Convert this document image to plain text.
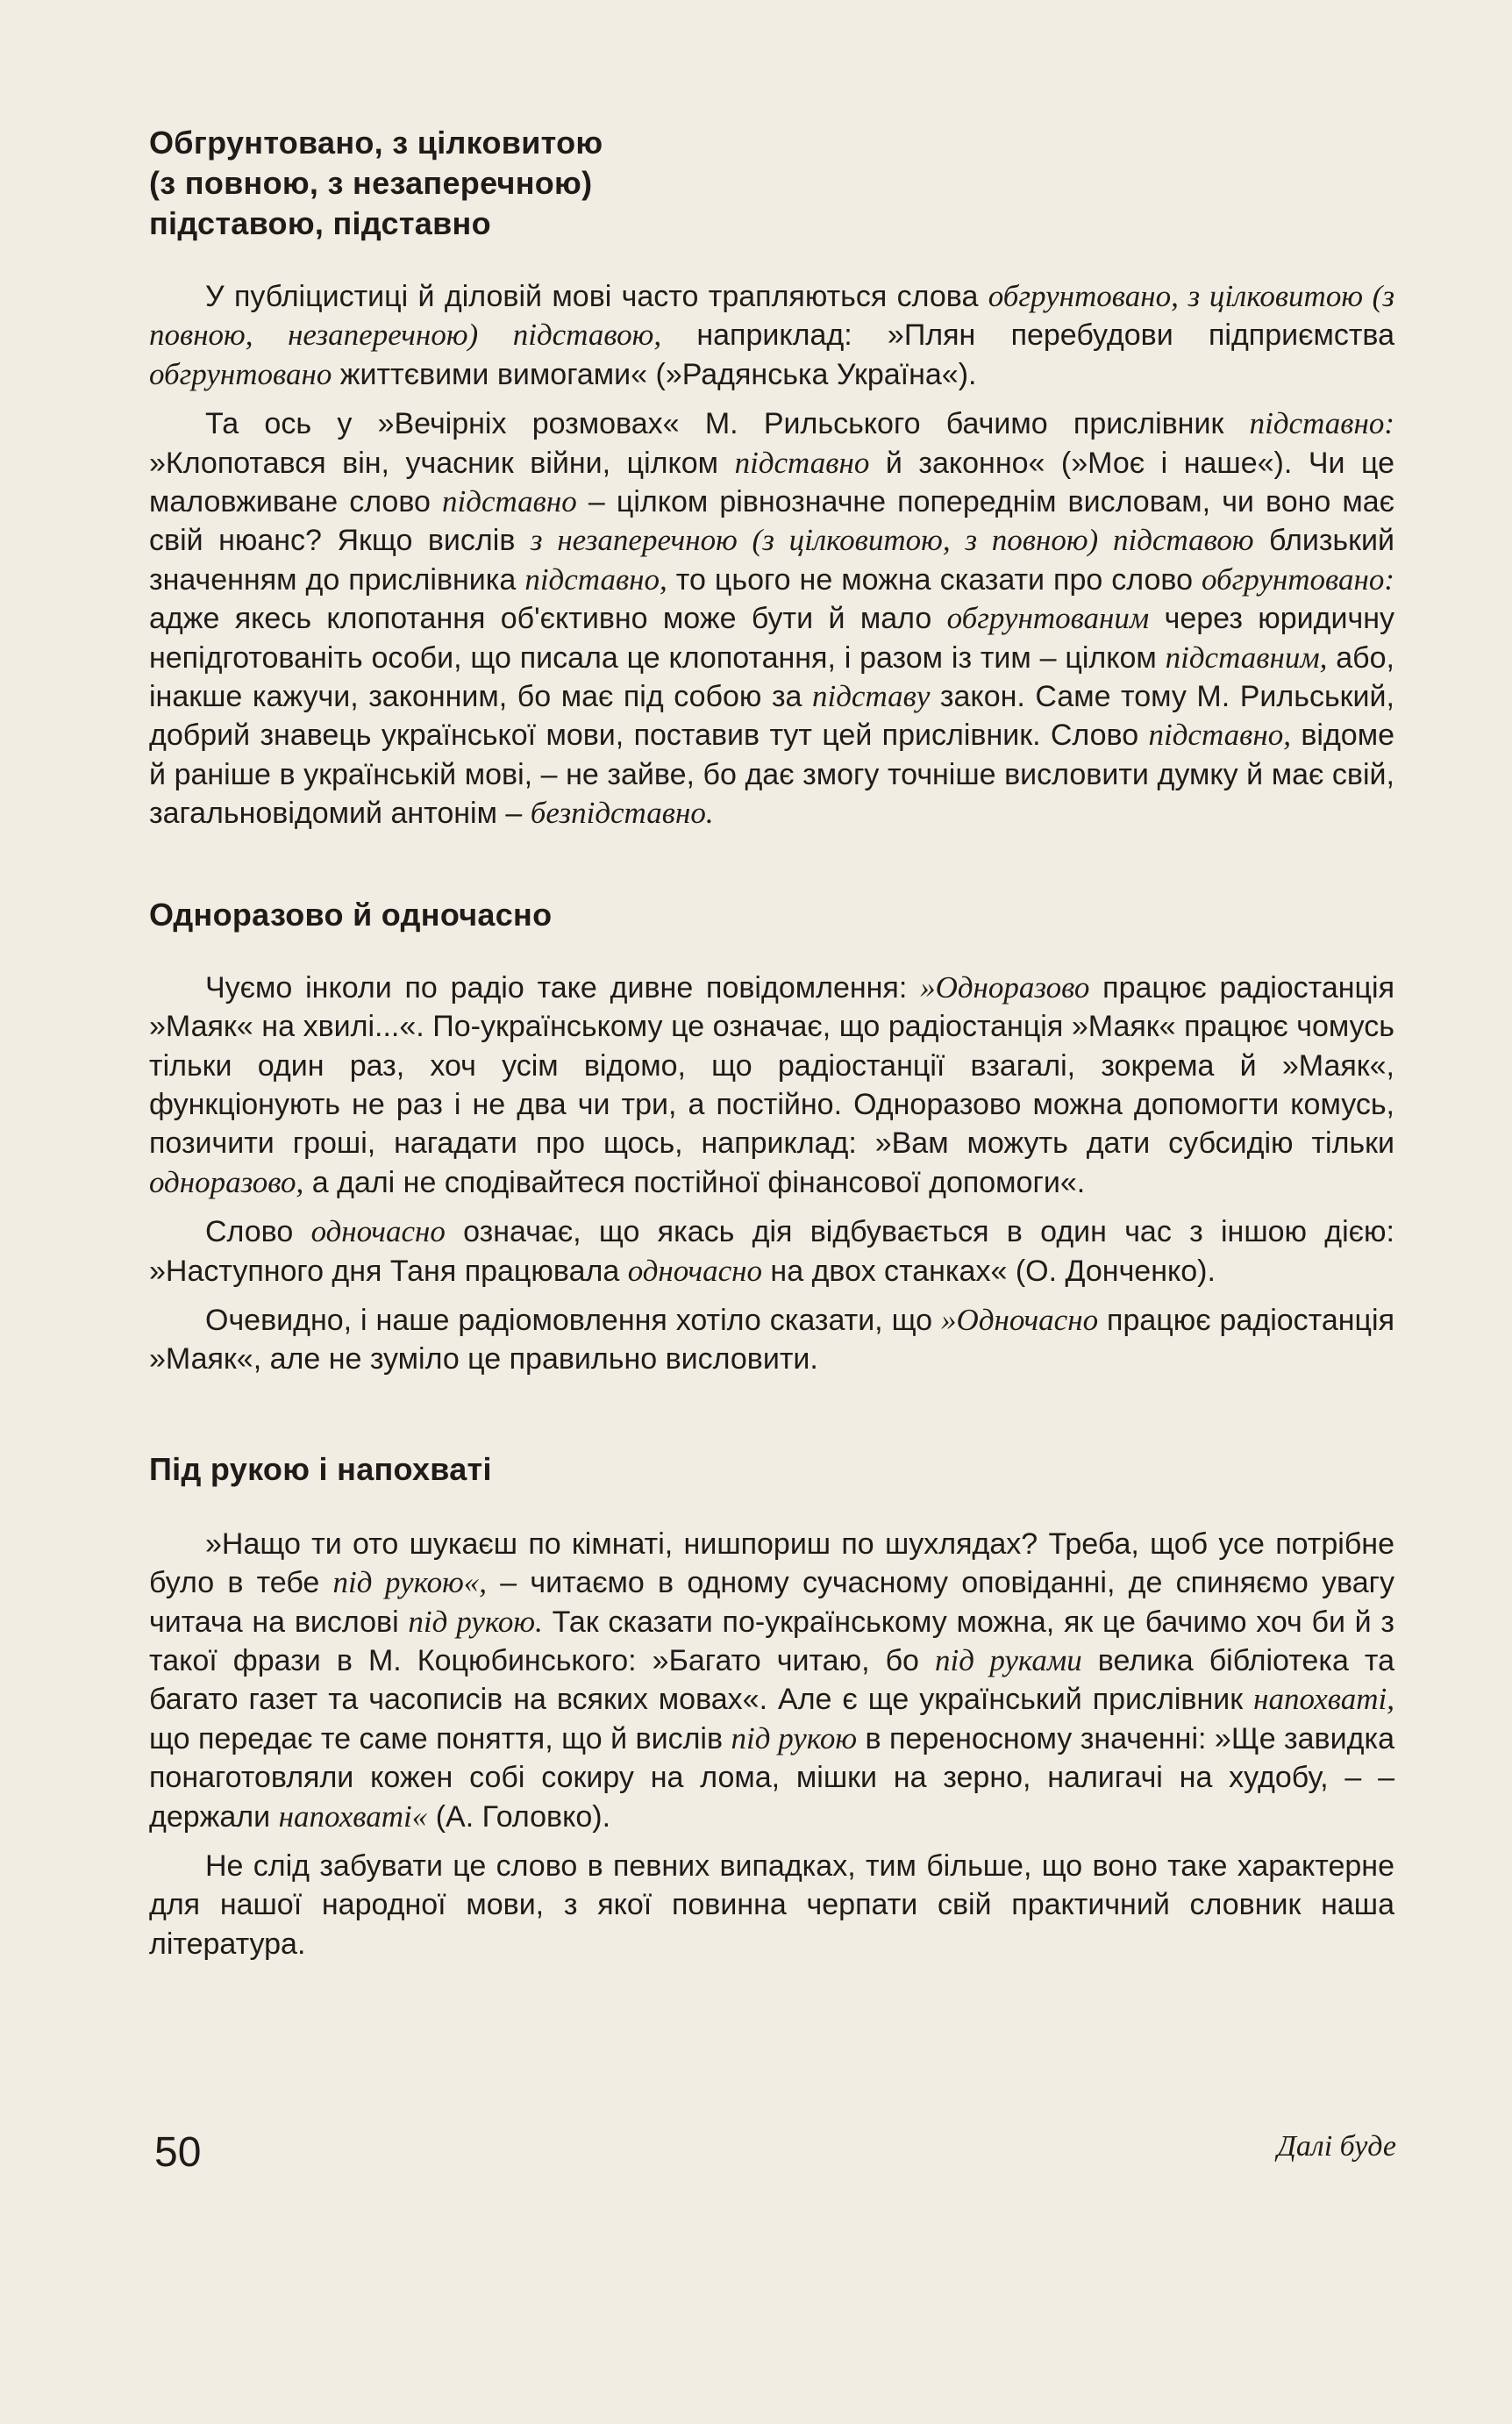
Обгрунтовано, з цілковитою
(з повною, з незаперечною)
підставою, підставно

У публіцистиці й діловій мові часто трапляються слова обгрунтовано, з цілковитою (з повною, незаперечною) підставою, наприклад: »Плян перебудови підприємства обгрунтовано життєвими вимогами« (»Радянська Україна«).

Та ось у »Вечірніх розмовах« М. Рильського бачимо прислівник підставно: »Клопотався він, учасник війни, цілком підставно й законно« (»Моє і наше«). Чи це маловживане слово підставно – цілком рівнозначне попереднім висловам, чи воно має свій нюанс? Якщо вислів з незаперечною (з цілковитою, з повною) підставою близький значенням до прислівника підставно, то цього не можна сказати про слово обгрунтовано: адже якесь клопотання об'єктивно може бути й мало обгрунтованим через юридичну непідготованіть особи, що писала це клопотання, і разом із тим – цілком підставним, або, інакше кажучи, законним, бо має під собою за підставу закон. Саме тому М. Рильський, добрий знавець української мови, поставив тут цей прислівник. Слово підставно, відоме й раніше в українській мові, – не зайве, бо дає змогу точніше висловити думку й має свій, загальновідомий антонім – безпідставно.

Одноразово й одночасно

Чуємо інколи по радіо таке дивне повідомлення: »Одноразово працює радіостанція »Маяк« на хвилі...«. По-українському це означає, що радіостанція »Маяк« працює чомусь тільки один раз, хоч усім відомо, що радіостанції взагалі, зокрема й »Маяк«, функціонують не раз і не два чи три, а постійно. Одноразово можна допомогти комусь, позичити гроші, нагадати про щось, наприклад: »Вам можуть дати субсидію тільки одноразово, а далі не сподівайтеся постійної фінансової допомоги«.

Слово одночасно означає, що якась дія відбувається в один час з іншою дією: »Наступного дня Таня працювала одночасно на двох станках« (О. Донченко).

Очевидно, і наше радіомовлення хотіло сказати, що »Одночасно працює радіостанція »Маяк«, але не зуміло це правильно висловити.

Під рукою і напохваті

»Нащо ти ото шукаєш по кімнаті, нишпориш по шухлядах? Треба, щоб усе потрібне було в тебе під рукою«, – читаємо в одному сучасному оповіданні, де спиняємо увагу читача на вислові під рукою. Так сказати по-українському можна, як це бачимо хоч би й з такої фрази в М. Коцюбинського: »Багато читаю, бо під руками велика бібліотека та багато газет та часописів на всяких мовах«. Але є ще український прислівник напохваті, що передає те саме поняття, що й вислів під рукою в переносному значенні: »Ще завидка понаготовляли кожен собі сокиру на лома, мішки на зерно, налигачі на худобу, – – держали напохваті« (А. Головко).

Не слід забувати це слово в певних випадках, тим більше, що воно таке характерне для нашої народної мови, з якої повинна черпати свій практичний словник наша література.

Далі буде
50
